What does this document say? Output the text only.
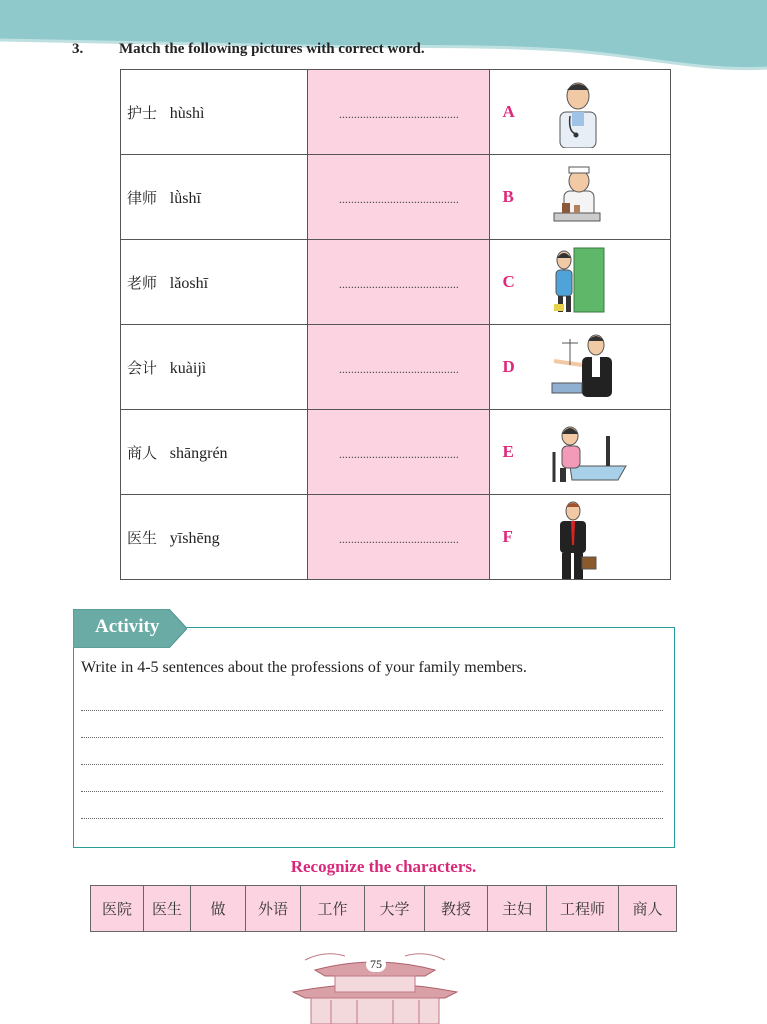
3. Match the following pictures with correct word.
护士 hùshì	........................................	A

律师 lǜshī	........................................	B

老师 lǎoshī	........................................	C

会计 kuàijì	........................................	D

商人 shāngrén	........................................	E

医生 yīshēng	........................................	F
Activity
Write in 4-5 sentences about the professions of your family members.
Recognize the characters.
医院	医生	做	外语	工作	大学	教授	主妇	工程师	商人
75
